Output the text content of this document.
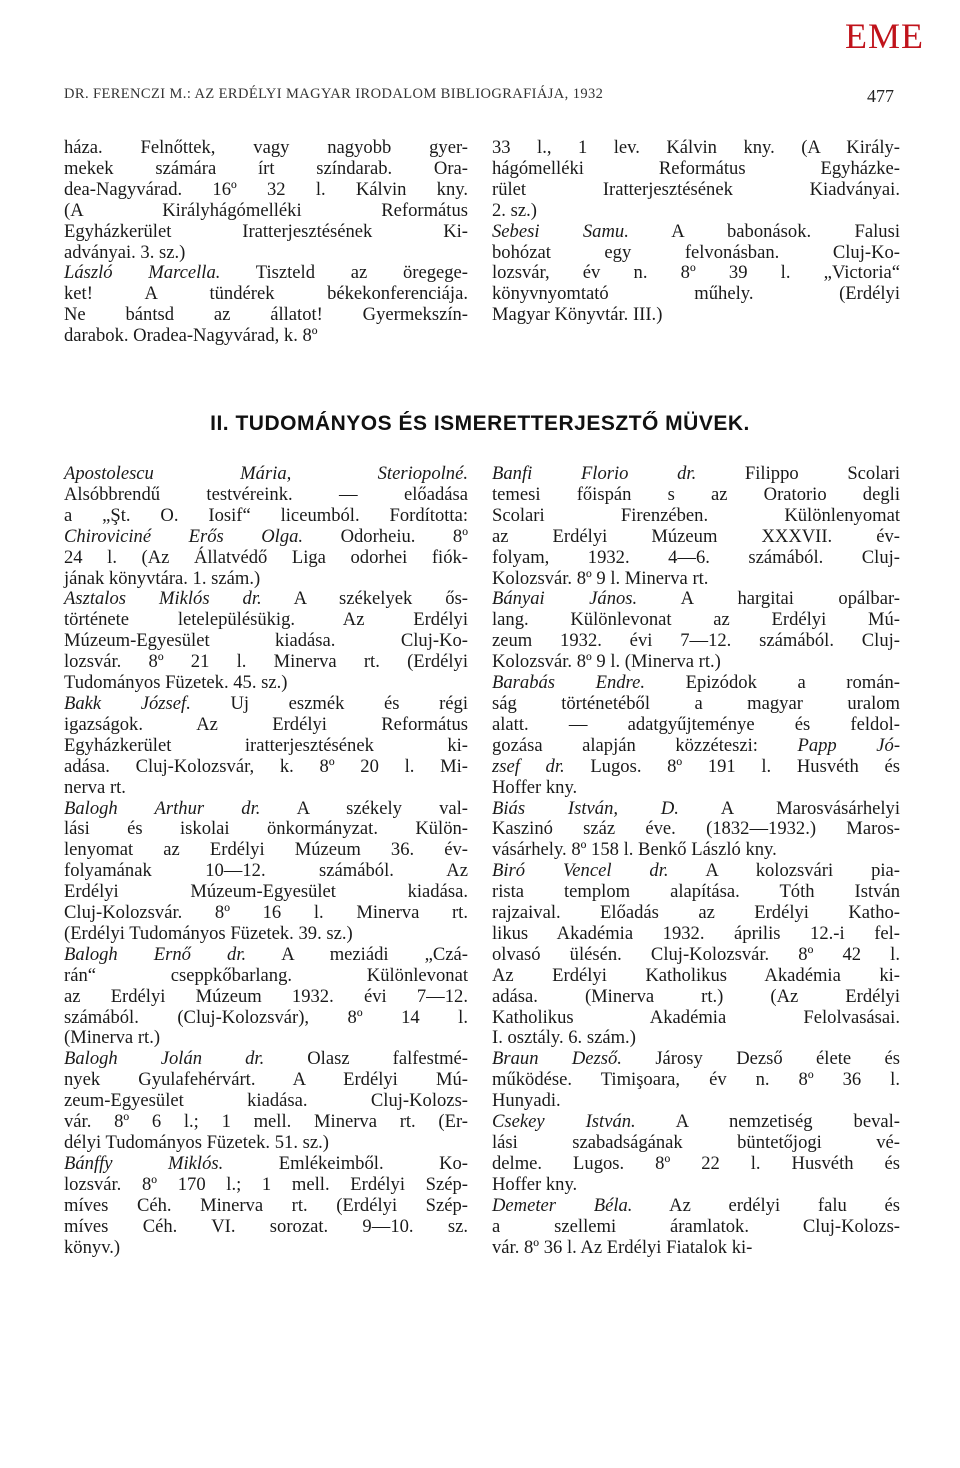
EME
DR. FERENCZI M.: AZ ERDÉLYI MAGYAR IRODALOM BIBLIOGRAFIÁJA, 1932	477

háza. Felnőttek, vagy nagyobb gyer-
mekek számára írt színdarab. Ora-
dea-Nagyvárad. 16º 32 l. Kálvin kny.
(A Királyhágómelléki Református
Egyházkerület Iratterjesztésének Ki-
adványai. 3. sz.)

László Marcella. Tiszteld az öregege-
ket! A tündérek békekonferenciája.
Ne bántsd az állatot! Gyermekszín-
darabok. Oradea-Nagyvárad, k. 8º

33 l., 1 lev. Kálvin kny. (A Király-
hágómelléki Református Egyházke-
rület Iratterjesztésének Kiadványai.
2. sz.)

Sebesi Samu. A babonások. Falusi
bohózat egy felvonásban. Cluj-Ko-
lozsvár, év n. 8º 39 l. „Victoria“
könyvnyomtató műhely. (Erdélyi
Magyar Könyvtár. III.)

II. TUDOMÁNYOS ÉS ISMERETTERJESZTŐ MÜVEK.

Apostolescu Mária, Steriopolné.
Alsóbbrendű testvéreink. — előadása
a „Şt. O. Iosif“ liceumból. Fordította:
Chiroviciné Erős Olga. Odorheiu. 8º
24 l. (Az Állatvédő Liga odorhei fiók-
jának könyvtára. 1. szám.)

Asztalos Miklós dr. A székelyek ős-
története letelepülésükig. Az Erdélyi
Múzeum-Egyesület kiadása. Cluj-Ko-
lozsvár. 8º 21 l. Minerva rt. (Erdélyi
Tudományos Füzetek. 45. sz.)

Bakk József. Uj eszmék és régi
igazságok. Az Erdélyi Református
Egyházkerület iratterjesztésének ki-
adása. Cluj-Kolozsvár, k. 8º 20 l. Mi-
nerva rt.

Balogh Arthur dr. A székely val-
lási és iskolai önkormányzat. Külön-
lenyomat az Erdélyi Múzeum 36. év-
folyamának 10—12. számából. Az
Erdélyi Múzeum-Egyesület kiadása.
Cluj-Kolozsvár. 8º 16 l. Minerva rt.
(Erdélyi Tudományos Füzetek. 39. sz.)

Balogh Ernő dr. A meziádi „Czá-
rán“ cseppkőbarlang. Különlevonat
az Erdélyi Múzeum 1932. évi 7—12.
számából. (Cluj-Kolozsvár), 8º 14 l.
(Minerva rt.)

Balogh Jolán dr. Olasz falfestmé-
nyek Gyulafehérvárt. A Erdélyi Mú-
zeum-Egyesület kiadása. Cluj-Kolozs-
vár. 8º 6 l.; 1 mell. Minerva rt. (Er-
délyi Tudományos Füzetek. 51. sz.)

Bánffy Miklós. Emlékeimből. Ko-
lozsvár. 8º 170 l.; 1 mell. Erdélyi Szép-
míves Céh. Minerva rt. (Erdélyi Szép-
míves Céh. VI. sorozat. 9—10. sz.
könyv.)

Banfi Florio dr. Filippo Scolari
temesi főispán s az Oratorio degli
Scolari Firenzében. Különlenyomat
az Erdélyi Múzeum XXXVII. év-
folyam, 1932. 4—6. számából. Cluj-
Kolozsvár. 8º 9 l. Minerva rt.

Bányai János. A hargitai opálbar-
lang. Különlevonat az Erdélyi Mú-
zeum 1932. évi 7—12. számából. Cluj-
Kolozsvár. 8º 9 l. (Minerva rt.)

Barabás Endre. Epizódok a román-
ság történetéből a magyar uralom
alatt. — adatgyűjteménye és feldol-
gozása alapján közzéteszi: Papp Jó-
zsef dr. Lugos. 8º 191 l. Husvéth és
Hoffer kny.

Biás István, D. A Marosvásárhelyi
Kaszinó száz éve. (1832—1932.) Maros-
vásárhely. 8º 158 l. Benkő László kny.

Biró Vencel dr. A kolozsvári pia-
rista templom alapítása. Tóth István
rajzaival. Előadás az Erdélyi Katho-
likus Akadémia 1932. április 12.-i fel-
olvasó ülésén. Cluj-Kolozsvár. 8º 42 l.
Az Erdélyi Katholikus Akadémia ki-
adása. (Minerva rt.) (Az Erdélyi
Katholikus Akadémia Felolvasásai.
I. osztály. 6. szám.)

Braun Dezső. Járosy Dezső élete és
működése. Timişoara, év n. 8º 36 l.
Hunyadi.

Csekey István. A nemzetiség beval-
lási szabadságának büntetőjogi vé-
delme. Lugos. 8º 22 l. Husvéth és
Hoffer kny.

Demeter Béla. Az erdélyi falu és
a szellemi áramlatok. Cluj-Kolozs-
vár. 8º 36 l. Az Erdélyi Fiatalok ki-
